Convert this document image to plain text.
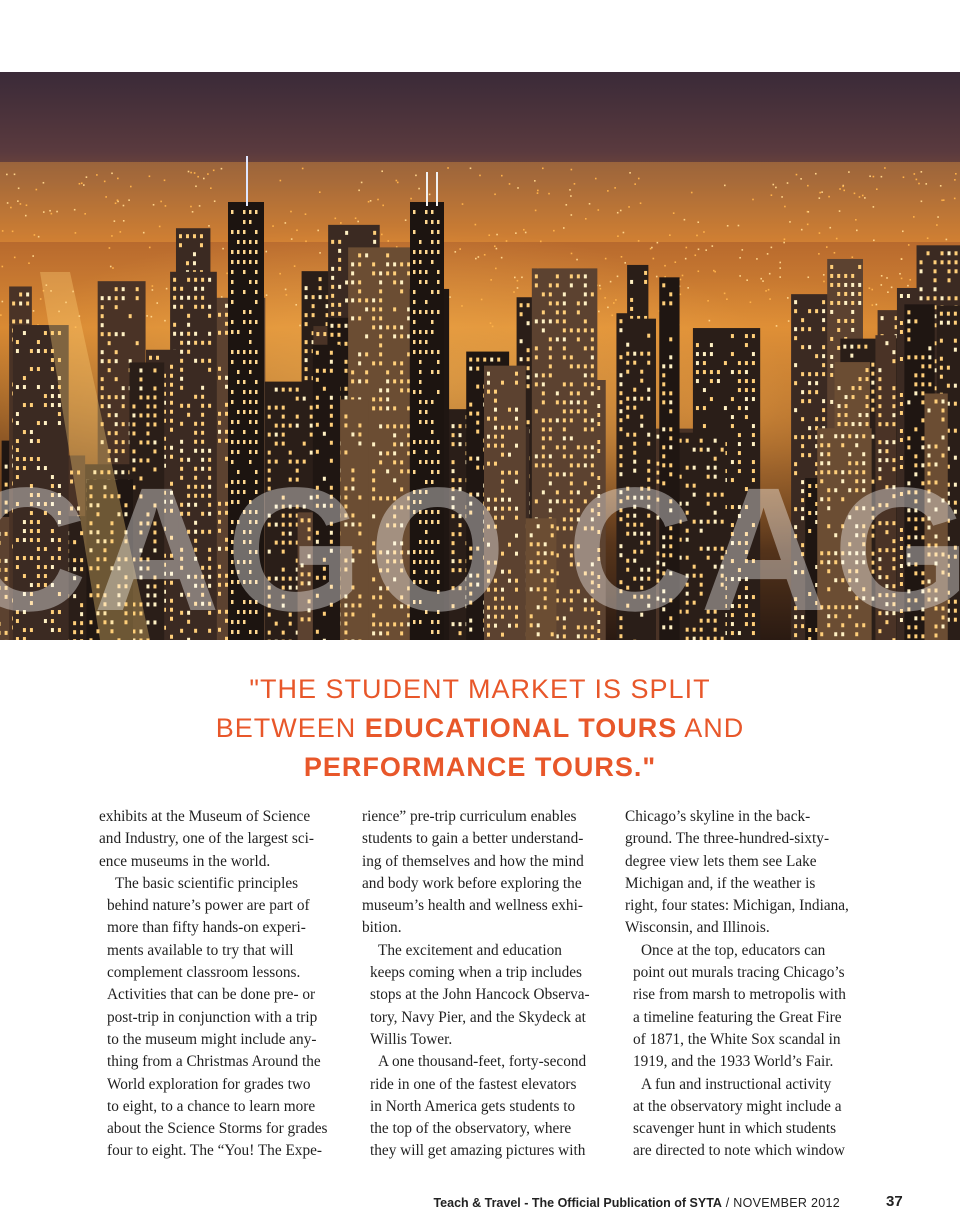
CAGO CAG
"THE STUDENT MARKET IS SPLIT
BETWEEN EDUCATIONAL TOURS AND
PERFORMANCE TOURS."

exhibits at the Museum of Science
and Industry, one of the largest sci-
ence museums in the world.

The basic scientific principles
behind nature’s power are part of
more than fifty hands-on experi-
ments available to try that will
complement classroom lessons.
Activities that can be done pre- or
post-trip in conjunction with a trip
to the museum might include any-
thing from a Christmas Around the
World exploration for grades two
to eight, to a chance to learn more
about the Science Storms for grades
four to eight. The “You! The Expe-

rience” pre-trip curriculum enables
students to gain a better understand-
ing of themselves and how the mind
and body work before exploring the
museum’s health and wellness exhi-
bition.

The excitement and education
keeps coming when a trip includes
stops at the John Hancock Observa-
tory, Navy Pier, and the Skydeck at
Willis Tower.

A one thousand-feet, forty-second
ride in one of the fastest elevators
in North America gets students to
the top of the observatory, where
they will get amazing pictures with

Chicago’s skyline in the back-
ground. The three-hundred-sixty-
degree view lets them see Lake
Michigan and, if the weather is
right, four states: Michigan, Indiana,
Wisconsin, and Illinois.

Once at the top, educators can
point out murals tracing Chicago’s
rise from marsh to metropolis with
a timeline featuring the Great Fire
of 1871, the White Sox scandal in
1919, and the 1933 World’s Fair.

A fun and instructional activity
at the observatory might include a
scavenger hunt in which students
are directed to note which window

Teach & Travel - The Official Publication of SYTA / NOVEMBER 2012	37
